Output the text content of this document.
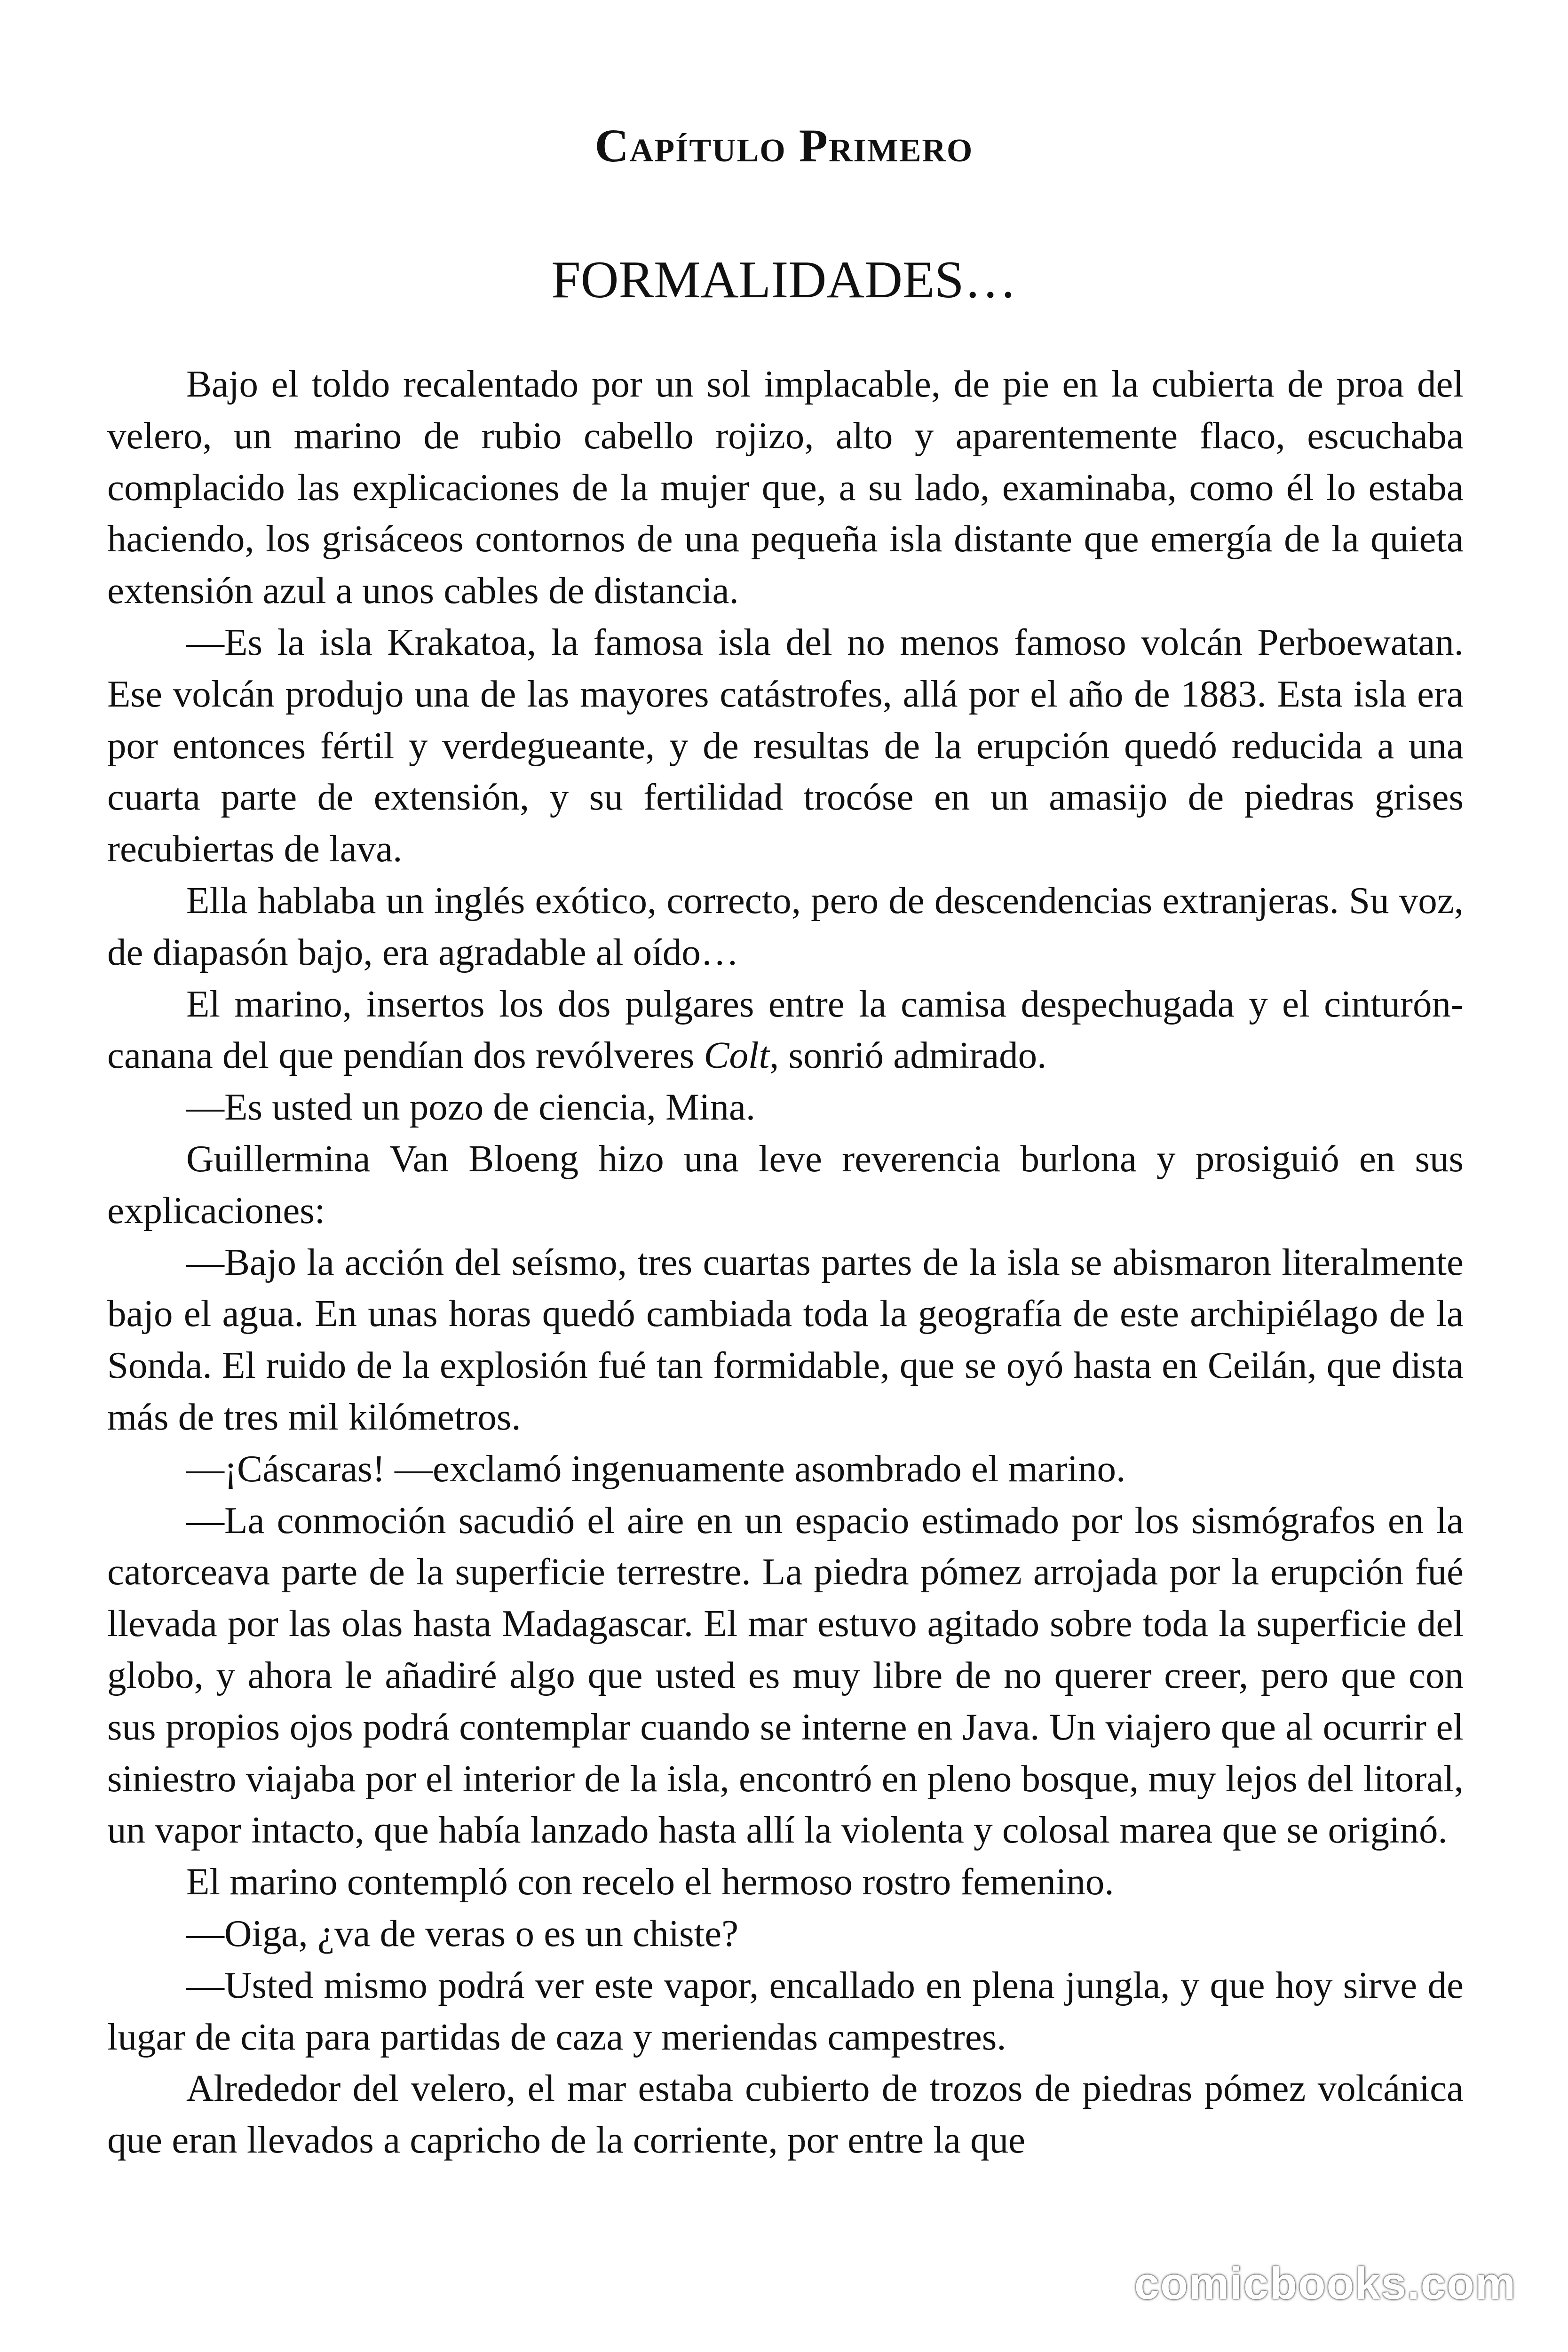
Capítulo Primero
FORMALIDADES…

Bajo el toldo recalentado por un sol implacable, de pie en la cubierta de proa del velero, un marino de rubio cabello rojizo, alto y aparentemente flaco, escuchaba complacido las explicaciones de la mujer que, a su lado, examinaba, como él lo estaba haciendo, los grisáceos contornos de una pequeña isla distante que emergía de la quieta extensión azul a unos cables de distancia.

—Es la isla Krakatoa, la famosa isla del no menos famoso volcán Perboewatan. Ese volcán produjo una de las mayores catástrofes, allá por el año de 1883. Esta isla era por entonces fértil y verdegueante, y de resultas de la erupción quedó reducida a una cuarta parte de extensión, y su fertilidad trocóse en un amasijo de piedras grises recubiertas de lava.

Ella hablaba un inglés exótico, correcto, pero de descendencias extranjeras. Su voz, de diapasón bajo, era agradable al oído…

El marino, insertos los dos pulgares entre la camisa despechugada y el cinturón-canana del que pendían dos revólveres Colt, sonrió admirado.

—Es usted un pozo de ciencia, Mina.

Guillermina Van Bloeng hizo una leve reverencia burlona y prosiguió en sus explicaciones:

—Bajo la acción del seísmo, tres cuartas partes de la isla se abismaron literalmente bajo el agua. En unas horas quedó cambiada toda la geografía de este archipiélago de la Sonda. El ruido de la explosión fué tan formidable, que se oyó hasta en Ceilán, que dista más de tres mil kilómetros.

—¡Cáscaras! —exclamó ingenuamente asombrado el marino.

—La conmoción sacudió el aire en un espacio estimado por los sismógrafos en la catorceava parte de la superficie terrestre. La piedra pómez arrojada por la erupción fué llevada por las olas hasta Madagascar. El mar estuvo agitado sobre toda la superficie del globo, y ahora le añadiré algo que usted es muy libre de no querer creer, pero que con sus propios ojos podrá contemplar cuando se interne en Java. Un viajero que al ocurrir el siniestro viajaba por el interior de la isla, encontró en pleno bosque, muy lejos del litoral, un vapor intacto, que había lanzado hasta allí la violenta y colosal marea que se originó.

El marino contempló con recelo el hermoso rostro femenino.

—Oiga, ¿va de veras o es un chiste?

—Usted mismo podrá ver este vapor, encallado en plena jungla, y que hoy sirve de lugar de cita para partidas de caza y meriendas campestres.

Alrededor del velero, el mar estaba cubierto de trozos de piedras pómez volcánica que eran llevados a capricho de la corriente, por entre la que

comicbooks.com
